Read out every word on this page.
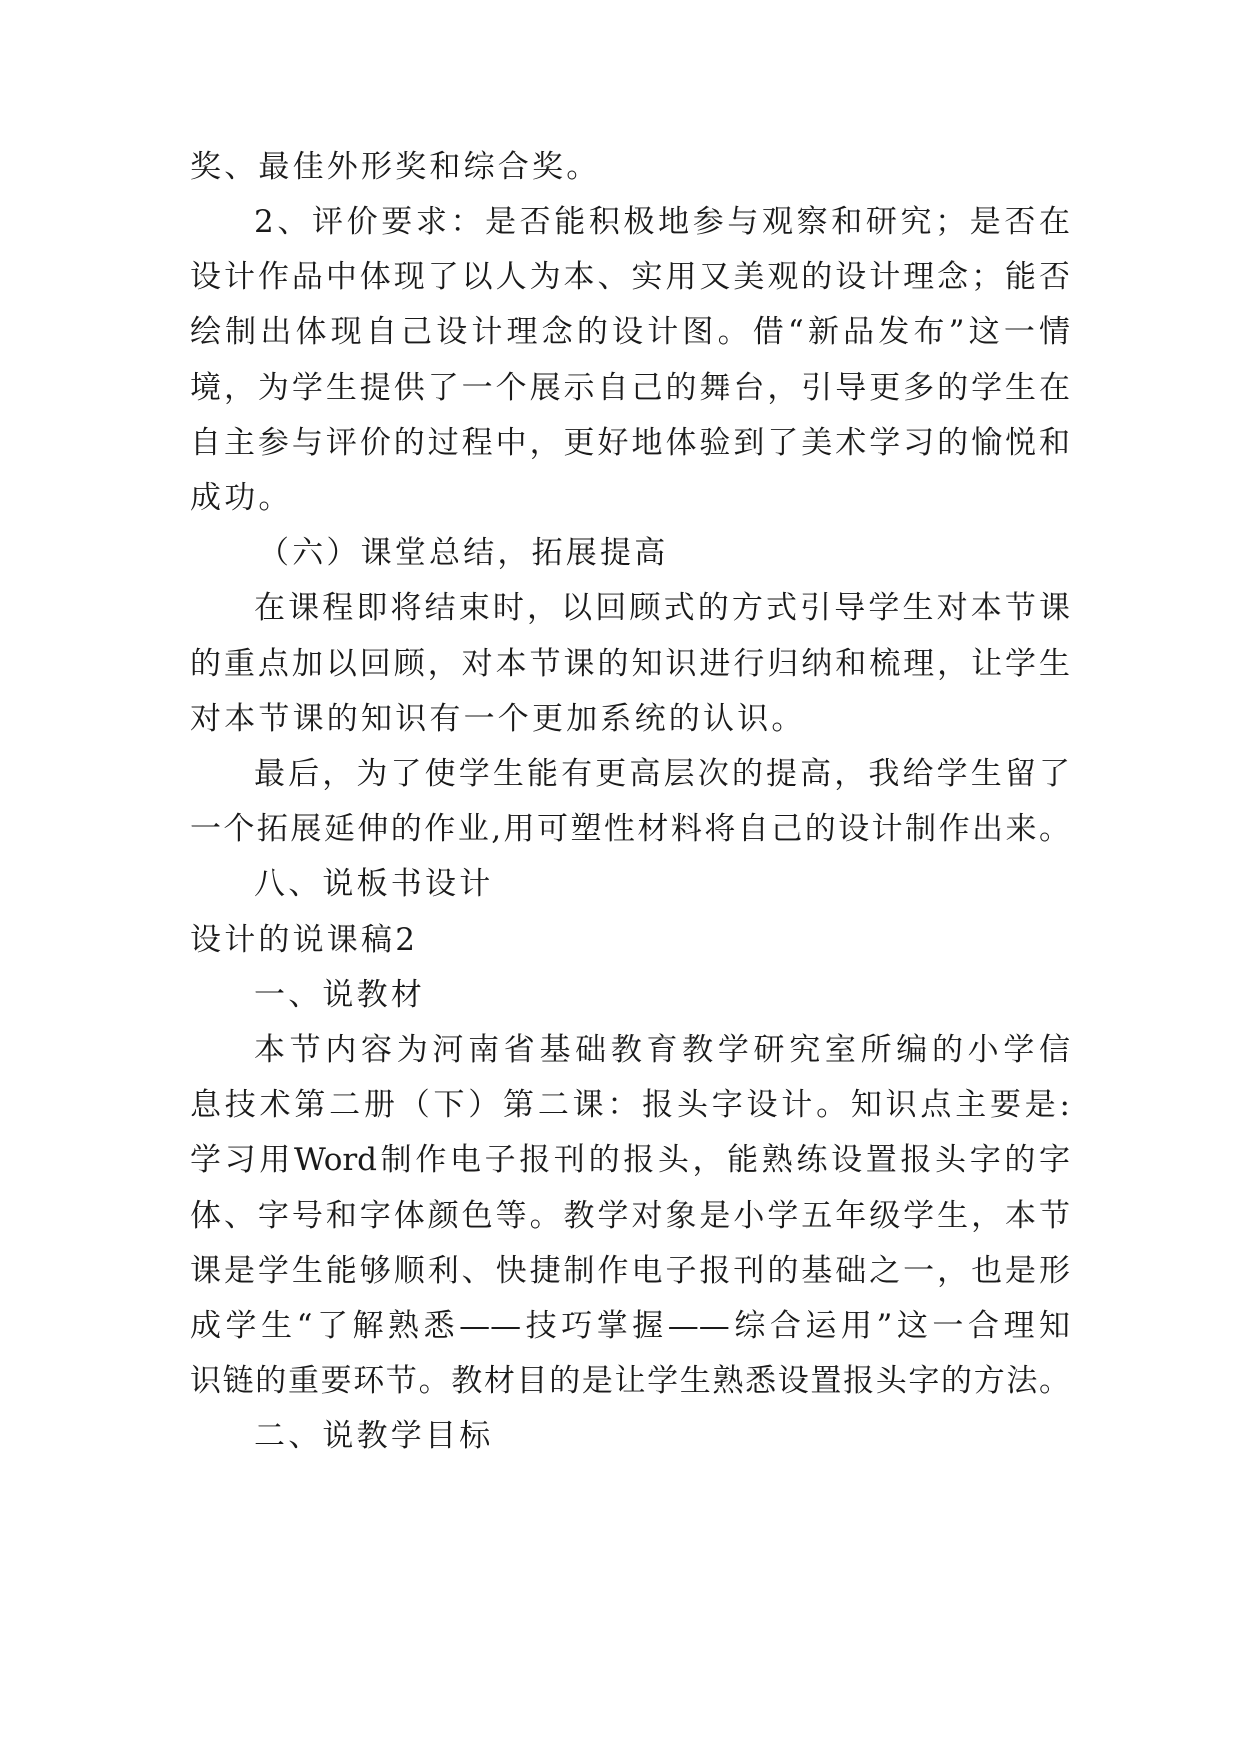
奖、最佳外形奖和综合奖。
2、评价要求：是否能积极地参与观察和研究；是否在
设计作品中体现了以人为本、实用又美观的设计理念；能否
绘制出体现自己设计理念的设计图。借“新品发布”这一情
境，为学生提供了一个展示自己的舞台，引导更多的学生在
自主参与评价的过程中，更好地体验到了美术学习的愉悦和
成功。
（六）课堂总结，拓展提高
在课程即将结束时，以回顾式的方式引导学生对本节课
的重点加以回顾，对本节课的知识进行归纳和梳理，让学生
对本节课的知识有一个更加系统的认识。
最后，为了使学生能有更高层次的提高，我给学生留了
一个拓展延伸的作业,用可塑性材料将自己的设计制作出来。
八、说板书设计
设计的说课稿2
一、说教材
本节内容为河南省基础教育教学研究室所编的小学信
息技术第二册（下）第二课：报头字设计。知识点主要是:
学习用Word制作电子报刊的报头，能熟练设置报头字的字
体、字号和字体颜色等。教学对象是小学五年级学生，本节
课是学生能够顺利、快捷制作电子报刊的基础之一，也是形
成学生“了解熟悉——技巧掌握——综合运用”这一合理知
识链的重要环节。教材目的是让学生熟悉设置报头字的方法。
二、说教学目标
